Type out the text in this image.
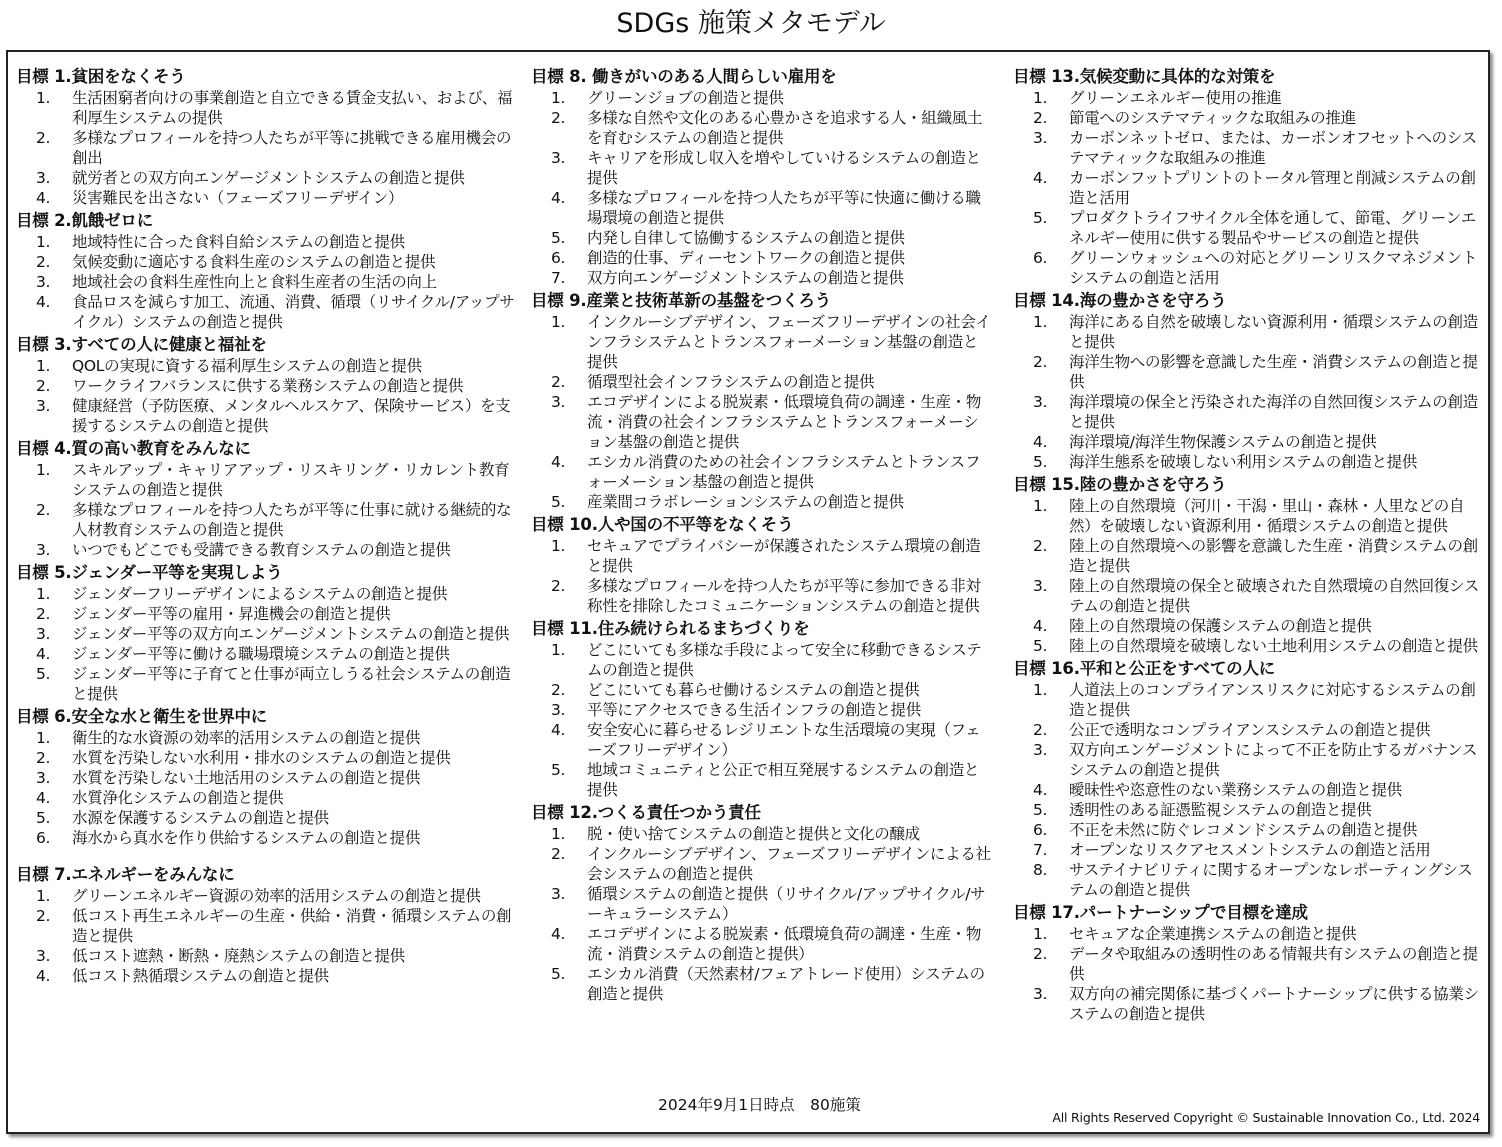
SDGs 施策メタモデル
目標 1.貧困をなくそう
1.	生活困窮者向けの事業創造と自立できる賃金支払い、および、福利厚生システムの提供
2.	多様なプロフィールを持つ人たちが平等に挑戦できる雇用機会の創出
3.	就労者との双方向エンゲージメントシステムの創造と提供
4.	災害難民を出さない（フェーズフリーデザイン）
目標 2.飢餓ゼロに
1.	地域特性に合った食料自給システムの創造と提供
2.	気候変動に適応する食料生産のシステムの創造と提供
3.	地域社会の食料生産性向上と食料生産者の生活の向上
4.	食品ロスを減らす加工、流通、消費、循環（リサイクル/アップサイクル）システムの創造と提供
目標 3.すべての人に健康と福祉を
1.	QOLの実現に資する福利厚生システムの創造と提供
2.	ワークライフバランスに供する業務システムの創造と提供
3.	健康経営（予防医療、メンタルヘルスケア、保険サービス）を支援するシステムの創造と提供
目標 4.質の高い教育をみんなに
1.	スキルアップ・キャリアアップ・リスキリング・リカレント教育システムの創造と提供
2.	多様なプロフィールを持つ人たちが平等に仕事に就ける継続的な人材教育システムの創造と提供
3.	いつでもどこでも受講できる教育システムの創造と提供
目標 5.ジェンダー平等を実現しよう
1.	ジェンダーフリーデザインによるシステムの創造と提供
2.	ジェンダー平等の雇用・昇進機会の創造と提供
3.	ジェンダー平等の双方向エンゲージメントシステムの創造と提供
4.	ジェンダー平等に働ける職場環境システムの創造と提供
5.	ジェンダー平等に子育てと仕事が両立しうる社会システムの創造と提供
目標 6.安全な水と衛生を世界中に
1.	衛生的な水資源の効率的活用システムの創造と提供
2.	水質を汚染しない水利用・排水のシステムの創造と提供
3.	水質を汚染しない土地活用のシステムの創造と提供
4.	水質浄化システムの創造と提供
5.	水源を保護するシステムの創造と提供
6.	海水から真水を作り供給するシステムの創造と提供
目標 7.エネルギーをみんなに
1.	グリーンエネルギー資源の効率的活用システムの創造と提供
2.	低コスト再生エネルギーの生産・供給・消費・循環システムの創造と提供
3.	低コスト遮熱・断熱・廃熱システムの創造と提供
4.	低コスト熱循環システムの創造と提供
目標 8. 働きがいのある人間らしい雇用を
1.	グリーンジョブの創造と提供
2.	多様な自然や文化のある心豊かさを追求する人・組織風土を育むシステムの創造と提供
3.	キャリアを形成し収入を増やしていけるシステムの創造と提供
4.	多様なプロフィールを持つ人たちが平等に快適に働ける職場環境の創造と提供
5.	内発し自律して協働するシステムの創造と提供
6.	創造的仕事、ディーセントワークの創造と提供
7.	双方向エンゲージメントシステムの創造と提供
目標 9.産業と技術革新の基盤をつくろう
1.	インクルーシブデザイン、フェーズフリーデザインの社会インフラシステムとトランスフォーメーション基盤の創造と提供
2.	循環型社会インフラシステムの創造と提供
3.	エコデザインによる脱炭素・低環境負荷の調達・生産・物流・消費の社会インフラシステムとトランスフォーメーション基盤の創造と提供
4.	エシカル消費のための社会インフラシステムとトランスフォーメーション基盤の創造と提供
5.	産業間コラボレーションシステムの創造と提供
目標 10.人や国の不平等をなくそう
1.	セキュアでプライバシーが保護されたシステム環境の創造と提供
2.	多様なプロフィールを持つ人たちが平等に参加できる非対称性を排除したコミュニケーションシステムの創造と提供
目標 11.住み続けられるまちづくりを
1.	どこにいても多様な手段によって安全に移動できるシステムの創造と提供
2.	どこにいても暮らせ働けるシステムの創造と提供
3.	平等にアクセスできる生活インフラの創造と提供
4.	安全安心に暮らせるレジリエントな生活環境の実現（フェーズフリーデザイン）
5.	地域コミュニティと公正で相互発展するシステムの創造と提供
目標 12.つくる責任つかう責任
1.	脱・使い捨てシステムの創造と提供と文化の醸成
2.	インクルーシブデザイン、フェーズフリーデザインによる社会システムの創造と提供
3.	循環システムの創造と提供（リサイクル/アップサイクル/サーキュラーシステム）
4.	エコデザインによる脱炭素・低環境負荷の調達・生産・物流・消費システムの創造と提供）
5.	エシカル消費（天然素材/フェアトレード使用）システムの創造と提供
目標 13.気候変動に具体的な対策を
1.	グリーンエネルギー使用の推進
2.	節電へのシステマティックな取組みの推進
3.	カーボンネットゼロ、または、カーボンオフセットへのシステマティックな取組みの推進
4.	カーボンフットプリントのトータル管理と削減システムの創造と活用
5.	プロダクトライフサイクル全体を通して、節電、グリーンエネルギー使用に供する製品やサービスの創造と提供
6.	グリーンウォッシュへの対応とグリーンリスクマネジメントシステムの創造と活用
目標 14.海の豊かさを守ろう
1.	海洋にある自然を破壊しない資源利用・循環システムの創造と提供
2.	海洋生物への影響を意識した生産・消費システムの創造と提供
3.	海洋環境の保全と汚染された海洋の自然回復システムの創造と提供
4.	海洋環境/海洋生物保護システムの創造と提供
5.	海洋生態系を破壊しない利用システムの創造と提供
目標 15.陸の豊かさを守ろう
1.	陸上の自然環境（河川・干潟・里山・森林・人里などの自然）を破壊しない資源利用・循環システムの創造と提供
2.	陸上の自然環境への影響を意識した生産・消費システムの創造と提供
3.	陸上の自然環境の保全と破壊された自然環境の自然回復システムの創造と提供
4.	陸上の自然環境の保護システムの創造と提供
5.	陸上の自然環境を破壊しない土地利用システムの創造と提供
目標 16.平和と公正をすべての人に
1.	人道法上のコンプライアンスリスクに対応するシステムの創造と提供
2.	公正で透明なコンプライアンスシステムの創造と提供
3.	双方向エンゲージメントによって不正を防止するガバナンスシステムの創造と提供
4.	曖昧性や恣意性のない業務システムの創造と提供
5.	透明性のある証憑監視システムの創造と提供
6.	不正を未然に防ぐレコメンドシステムの創造と提供
7.	オープンなリスクアセスメントシステムの創造と活用
8.	サステイナビリティに関するオープンなレポーティングシステムの創造と提供
目標 17.パートナーシップで目標を達成
1.	セキュアな企業連携システムの創造と提供
2.	データや取組みの透明性のある情報共有システムの創造と提供
3.	双方向の補完関係に基づくパートナーシップに供する協業システムの創造と提供
2024年9月1日時点　80施策
All Rights Reserved Copyright © Sustainable Innovation Co., Ltd. 2024
